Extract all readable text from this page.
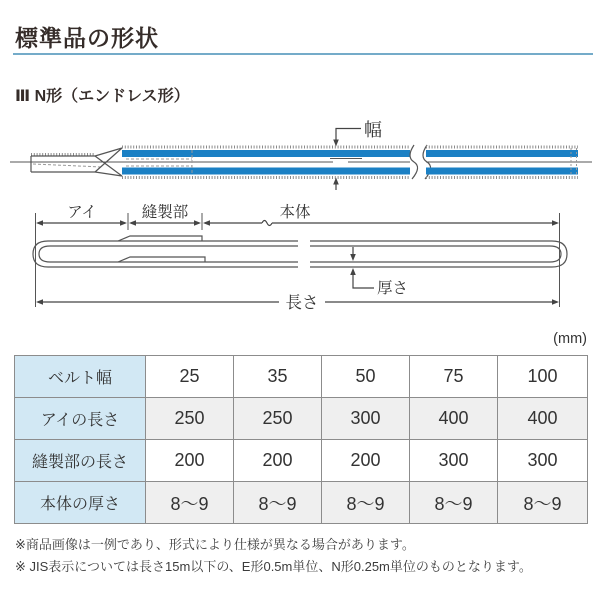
標準品の形状
Ⅲ N形（エンドレス形）
幅
アイ	縫製部	本体
厚さ
長さ
(mm)
ベルト幅	25	35	50	75	100
アイの長さ	250	250	300	400	400
縫製部の長さ	200	200	200	300	300
本体の厚さ	8～9	8～9	8～9	8～9	8～9

※商品画像は一例であり、形式により仕様が異なる場合があります。

※ JIS表示については長さ15m以下の、E形0.5m単位、N形0.25m単位のものとなります。
